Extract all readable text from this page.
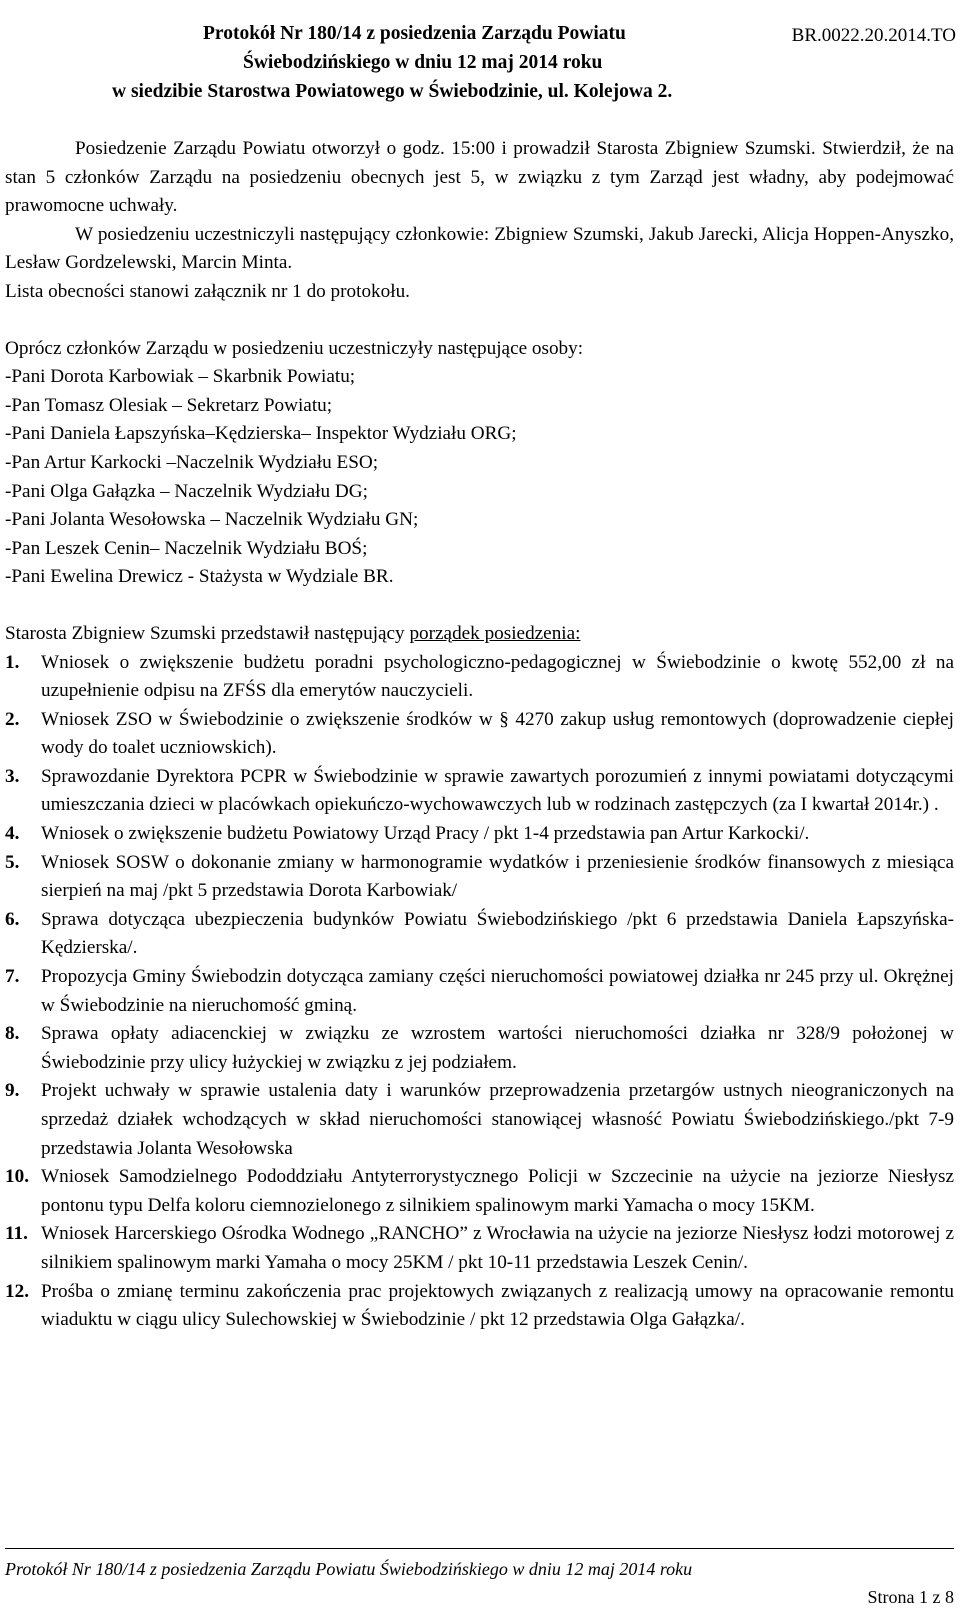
BR.0022.20.2014.TO
Protokół Nr 180/14 z posiedzenia Zarządu Powiatu
Świebodzińskiego w dniu 12 maj 2014 roku
w siedzibie Starostwa Powiatowego w Świebodzinie, ul. Kolejowa 2.

Posiedzenie Zarządu Powiatu otworzył o godz. 15:00 i prowadził Starosta Zbigniew Szumski. Stwierdził, że na stan 5 członków Zarządu na posiedzeniu obecnych jest 5, w związku z tym Zarząd jest władny, aby podejmować prawomocne uchwały.

W posiedzeniu uczestniczyli następujący członkowie: Zbigniew Szumski, Jakub Jarecki, Alicja Hoppen-Anyszko, Lesław Gordzelewski, Marcin Minta.

Lista obecności stanowi załącznik nr 1 do protokołu.

Oprócz członków Zarządu w posiedzeniu uczestniczyły następujące osoby:
-Pani Dorota Karbowiak – Skarbnik Powiatu;
-Pan Tomasz Olesiak – Sekretarz Powiatu;
-Pani Daniela Łapszyńska–Kędzierska– Inspektor Wydziału ORG;
-Pan Artur Karkocki –Naczelnik Wydziału ESO;
-Pani Olga Gałązka – Naczelnik Wydziału DG;
-Pani Jolanta Wesołowska – Naczelnik Wydziału GN;
-Pan Leszek Cenin– Naczelnik Wydziału BOŚ;
-Pani Ewelina Drewicz - Stażysta w Wydziale BR.
Starosta Zbigniew Szumski przedstawił następujący porządek posiedzenia:
1. Wniosek o zwiększenie budżetu poradni psychologiczno-pedagogicznej w Świebodzinie o kwotę 552,00 zł na uzupełnienie odpisu na ZFŚS dla emerytów nauczycieli.
2. Wniosek ZSO w Świebodzinie o zwiększenie środków w § 4270 zakup usług remontowych (doprowadzenie ciepłej wody do toalet uczniowskich).
3. Sprawozdanie Dyrektora PCPR w Świebodzinie w sprawie zawartych porozumień z innymi powiatami dotyczącymi umieszczania dzieci w placówkach opiekuńczo-wychowawczych lub w rodzinach zastępczych (za I kwartał 2014r.) .
4. Wniosek o zwiększenie budżetu Powiatowy Urząd Pracy / pkt 1-4 przedstawia pan Artur Karkocki/.
5. Wniosek SOSW o dokonanie zmiany w harmonogramie wydatków i przeniesienie środków finansowych z miesiąca sierpień na maj /pkt 5 przedstawia Dorota Karbowiak/
6. Sprawa dotycząca ubezpieczenia budynków Powiatu Świebodzińskiego /pkt 6 przedstawia Daniela Łapszyńska- Kędzierska/.
7. Propozycja Gminy Świebodzin dotycząca zamiany części nieruchomości powiatowej działka nr 245 przy ul. Okrężnej w Świebodzinie na nieruchomość gminą.
8. Sprawa opłaty adiacenckiej w związku ze wzrostem wartości nieruchomości działka nr 328/9 położonej w Świebodzinie przy ulicy łużyckiej w związku z jej podziałem.
9. Projekt uchwały w sprawie ustalenia daty i warunków przeprowadzenia przetargów ustnych nieograniczonych na sprzedaż działek wchodzących w skład nieruchomości stanowiącej własność Powiatu Świebodzińskiego./pkt 7-9 przedstawia Jolanta Wesołowska
10. Wniosek Samodzielnego Pododdziału Antyterrorystycznego Policji w Szczecinie na użycie na jeziorze Niesłysz pontonu typu Delfa koloru ciemnozielonego z silnikiem spalinowym marki Yamacha o mocy 15KM.
11. Wniosek Harcerskiego Ośrodka Wodnego „RANCHO” z Wrocławia na użycie na jeziorze Niesłysz łodzi motorowej z silnikiem spalinowym marki Yamaha o mocy 25KM / pkt 10-11 przedstawia Leszek Cenin/.
12. Prośba o zmianę terminu zakończenia prac projektowych związanych z realizacją umowy na opracowanie remontu wiaduktu w ciągu ulicy Sulechowskiej w Świebodzinie / pkt 12 przedstawia Olga Gałązka/.
Protokół Nr 180/14 z posiedzenia Zarządu Powiatu Świebodzińskiego w dniu 12 maj 2014 roku
Strona 1 z 8
